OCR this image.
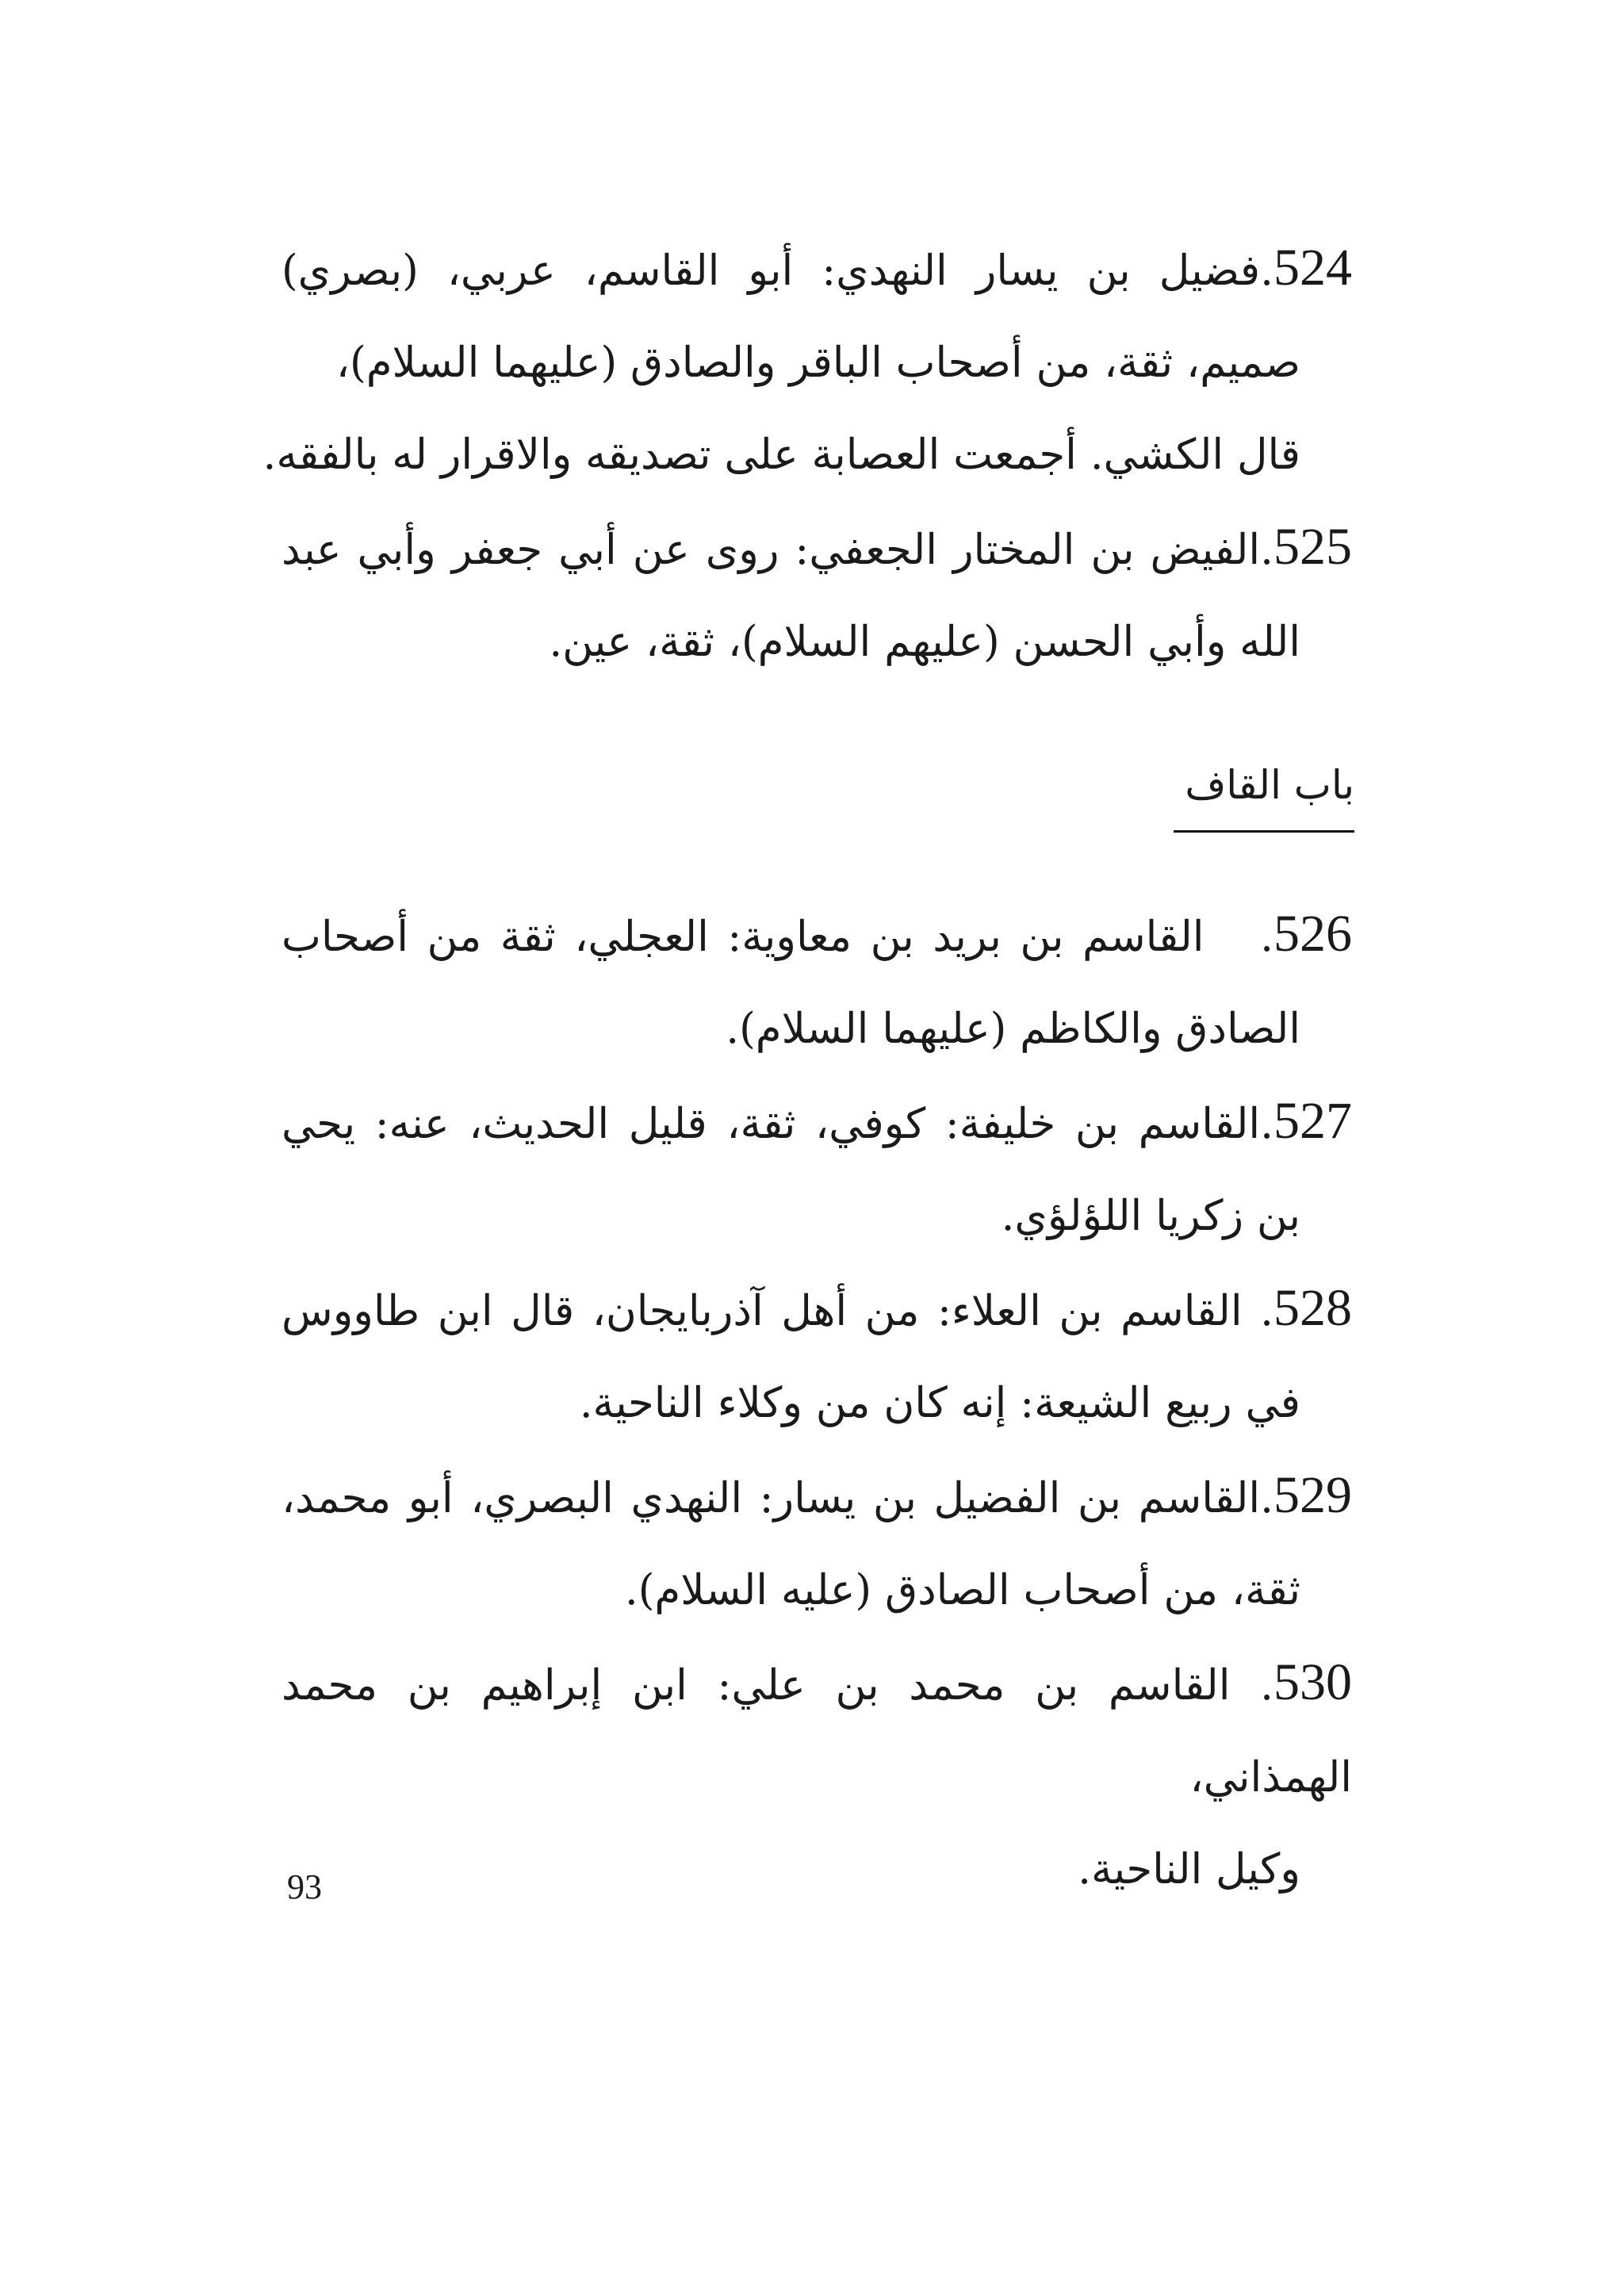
524.فضيل بن يسار النهدي: أبو القاسم، عربي، (بصري)
صميم، ثقة، من أصحاب الباقر والصادق (عليهما السلام)،
قال الكشي. أجمعت العصابة على تصديقه والاقرار له بالفقه.
525.الفيض بن المختار الجعفي: روى عن أبي جعفر وأبي عبد
الله وأبي الحسن (عليهم السلام)، ثقة، عين.
باب القاف
526.   القاسم بن بريد بن معاوية: العجلي، ثقة من أصحاب
الصادق والكاظم (عليهما السلام).
527.القاسم بن خليفة: كوفي، ثقة، قليل الحديث، عنه: يحي
بن زكريا اللؤلؤي.
528. القاسم بن العلاء: من أهل آذربايجان، قال ابن طاووس
في ربيع الشيعة: إنه كان من وكلاء الناحية.
529.القاسم بن الفضيل بن يسار: النهدي البصري، أبو محمد،
ثقة، من أصحاب الصادق (عليه السلام).
530. القاسم بن محمد بن علي: ابن إبراهيم بن محمد الهمذاني،
وكيل الناحية.
93
